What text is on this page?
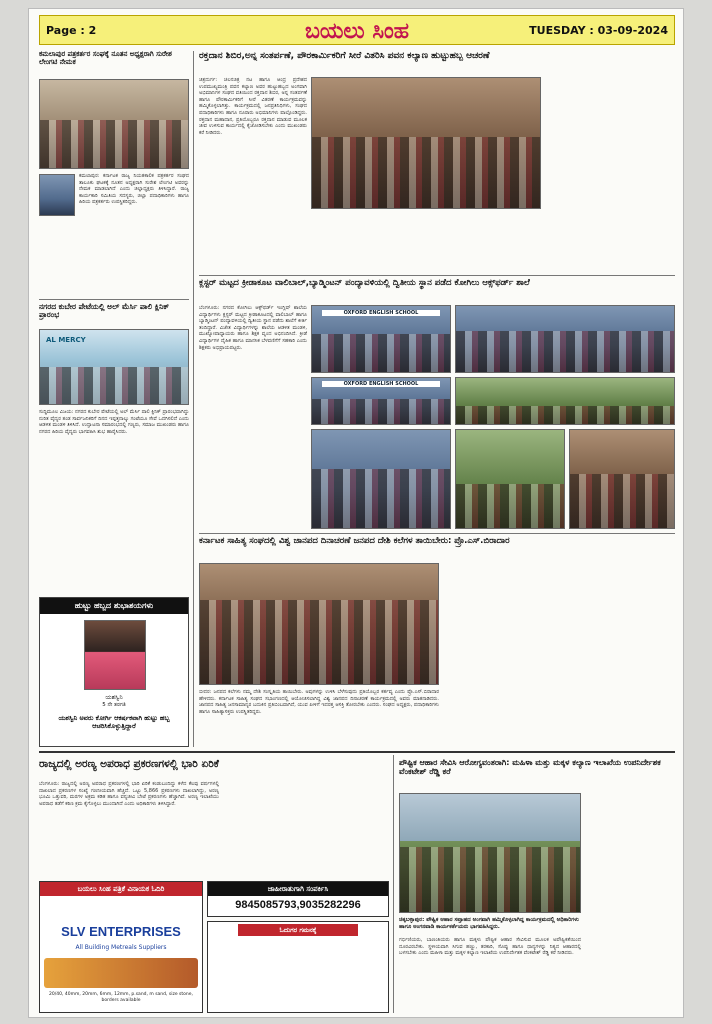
Page : 2	ಬಯಲು ಸಿಂಹ	TUESDAY : 03-09-2024
ಕಮಲಾಪುರ ಪತ್ರಕರ್ತರ ಸಂಘಕ್ಕೆ ನೂತನ ಅಧ್ಯಕ್ಷರಾಗಿ ಸುರೇಶ ಲೇಂಗಟಿ ನೇಮಕ
ಕಮಲಾಪುರ: ಕರ್ನಾಟಕ ರಾಜ್ಯ ನಿಯತಕಾಲಿಕ ಪತ್ರಕರ್ತರ ಸಂಘದ ತಾಲೂಕು ಘಟಕಕ್ಕೆ ನೂತನ ಅಧ್ಯಕ್ಷರಾಗಿ ಸುರೇಶ ಲೇಂಗಟಿ ಅವರನ್ನು ನೇಮಕ ಮಾಡಲಾಗಿದೆ ಎಂದು ಜಿಲ್ಲಾಧ್ಯಕ್ಷರು ತಿಳಿಸಿದ್ದಾರೆ. ರಾಜ್ಯ ಕಾರ್ಯಕಾರಿ ಸಮಿತಿಯ ಸದಸ್ಯರು, ಜಿಲ್ಲಾ ಪದಾಧಿಕಾರಿಗಳು ಹಾಗೂ ಹಿರಿಯ ಪತ್ರಕರ್ತರು ಉಪಸ್ಥಿತರಿದ್ದರು.
ನಗರದ ಕುಬೇರ ಪೇಟೆಯಲ್ಲಿ ಅಲ್ ಮೆರ್ಸಿ ಪಾಲಿ ಕ್ಲಿನಿಕ್ ಪ್ರಾರಂಭ
AL MERCY
ಸುದ್ದಿಮೂಲ ವಿಜಯ: ನಗರದ ಕುಬೇರ ಪೇಟೆಯಲ್ಲಿ ಅಲ್ ಮೆರ್ಸಿ ಪಾಲಿ ಕ್ಲಿನಿಕ್ ಪ್ರಾರಂಭವಾಗಿದ್ದು ನುರಿತ ವೈದ್ಯರ ತಂಡ ಸಾರ್ವಜನಿಕರಿಗೆ ದಿನದ ಇಪ್ಪತ್ತನಾಲ್ಕು ಗಂಟೆಯೂ ಸೇವೆ ಒದಗಿಸಲಿದೆ ಎಂದು ಆಡಳಿತ ಮಂಡಳಿ ತಿಳಿಸಿದೆ. ಉದ್ಘಾಟನಾ ಸಮಾರಂಭದಲ್ಲಿ ಗಣ್ಯರು, ಸಮಾಜ ಮುಖಂಡರು ಹಾಗೂ ನಗರದ ಹಿರಿಯ ವೈದ್ಯರು ಭಾಗವಹಿಸಿ ಶುಭ ಹಾರೈಸಿದರು.
ಹುಟ್ಟು ಹಬ್ಬದ ಶುಭಾಶಯಗಳು
ಯಶಸ್ವಿನಿ
5 ನೇ ತರಗತಿ
ಯಶಸ್ವಿನಿ ಅವರು ಕೋರ್ಗಿ ಆಕರ್ಷಕವಾಗಿ ಹುಟ್ಟು ಹಬ್ಬ ಆಚರಿಸಿಕೊಳ್ಳುತ್ತಿದ್ದಾರೆ
ರಕ್ತದಾನ ಶಿಬಿರ,ಅನ್ನ ಸಂತರ್ಪಣೆ, ಪೌರಕಾರ್ಮಿಕರಿಗೆ ಸೀರೆ ವಿತರಿಸಿ ಪವನ ಕಲ್ಯಾಣ ಹುಟ್ಟುಹಬ್ಬ ಆಚರಣೆ
ಚಿತ್ರದುರ್ಗ: ಚಲನಚಿತ್ರ ನಟ ಹಾಗೂ ಆಂಧ್ರ ಪ್ರದೇಶದ ಉಪಮುಖ್ಯಮಂತ್ರಿ ಪವನ ಕಲ್ಯಾಣ ಅವರ ಹುಟ್ಟುಹಬ್ಬದ ಅಂಗವಾಗಿ ಅಭಿಮಾನಿಗಳ ಸಂಘದ ವತಿಯಿಂದ ರಕ್ತದಾನ ಶಿಬಿರ, ಅನ್ನ ಸಂತರ್ಪಣೆ ಹಾಗೂ ಪೌರಕಾರ್ಮಿಕರಿಗೆ ಸೀರೆ ವಿತರಣೆ ಕಾರ್ಯಕ್ರಮವನ್ನು ಹಮ್ಮಿಕೊಳ್ಳಲಾಗಿತ್ತು. ಕಾರ್ಯಕ್ರಮದಲ್ಲಿ ಜನಪ್ರತಿನಿಧಿಗಳು, ಸಂಘದ ಪದಾಧಿಕಾರಿಗಳು ಹಾಗೂ ನೂರಾರು ಅಭಿಮಾನಿಗಳು ಪಾಲ್ಗೊಂಡಿದ್ದರು. ರಕ್ತದಾನ ಮಹಾದಾನ, ಪ್ರತಿಯೊಬ್ಬರೂ ರಕ್ತದಾನ ಮಾಡುವ ಮೂಲಕ ಜೀವ ಉಳಿಸುವ ಕಾರ್ಯದಲ್ಲಿ ಕೈಜೋಡಿಸಬೇಕು ಎಂದು ಮುಖಂಡರು ಕರೆ ನೀಡಿದರು.
ಕ್ಲಸ್ಟರ್ ಮಟ್ಟದ ಕ್ರೀಡಾಕೂಟ ವಾಲಿಬಾಲ್,ಬ್ಯಾಡ್ಮಿಂಟನ್ ಪಂದ್ಯಾವಳಿಯಲ್ಲಿ ದ್ವಿತೀಯ ಸ್ಥಾನ ಪಡೆದ ಕೋಗಿಲು ಆಕ್ಸ್‌ಫರ್ಡ್ ಶಾಲೆ
ಬೆಂಗಳೂರು: ನಗರದ ಕೋಗಿಲು ಆಕ್ಸ್‌ಫರ್ಡ್ ಇಂಗ್ಲಿಷ್ ಶಾಲೆಯ ವಿದ್ಯಾರ್ಥಿಗಳು ಕ್ಲಸ್ಟರ್ ಮಟ್ಟದ ಕ್ರೀಡಾಕೂಟದಲ್ಲಿ ವಾಲಿಬಾಲ್ ಹಾಗೂ ಬ್ಯಾಡ್ಮಿಂಟನ್ ಪಂದ್ಯಾವಳಿಯಲ್ಲಿ ದ್ವಿತೀಯ ಸ್ಥಾನ ಪಡೆದು ಶಾಲೆಗೆ ಕೀರ್ತಿ ತಂದಿದ್ದಾರೆ. ವಿಜೇತ ವಿದ್ಯಾರ್ಥಿಗಳನ್ನು ಶಾಲೆಯ ಆಡಳಿತ ಮಂಡಳಿ, ಮುಖ್ಯೋಪಾಧ್ಯಾಯರು ಹಾಗೂ ಶಿಕ್ಷಕ ವೃಂದ ಅಭಿನಂದಿಸಿದೆ. ಕ್ರೀಡೆ ವಿದ್ಯಾರ್ಥಿಗಳ ದೈಹಿಕ ಹಾಗೂ ಮಾನಸಿಕ ಬೆಳವಣಿಗೆಗೆ ಸಹಕಾರಿ ಎಂದು ಶಿಕ್ಷಕರು ಅಭಿಪ್ರಾಯಪಟ್ಟರು.
OXFORD ENGLISH SCHOOL
OXFORD ENGLISH SCHOOL
ಕರ್ನಾಟಕ ಸಾಹಿತ್ಯ ಸಂಘದಲ್ಲಿ ವಿಶ್ವ ಜಾನಪದ ದಿನಾಚರಣೆ ಜನಪದ ದೇಶಿ ಕಲೆಗಳ ತಾಯಿಬೇರು: ಪ್ರೊ.ಎಸ್.ಬಿರಾದಾರ
ಬೀದರ: ಜನಪದ ಕಲೆಗಳು ನಮ್ಮ ದೇಶಿ ಸಂಸ್ಕೃತಿಯ ತಾಯಿಬೇರು. ಅವುಗಳನ್ನು ಉಳಿಸಿ ಬೆಳೆಸುವುದು ಪ್ರತಿಯೊಬ್ಬರ ಕರ್ತವ್ಯ ಎಂದು ಪ್ರೊ.ಎಸ್.ಬಿರಾದಾರ ಹೇಳಿದರು. ಕರ್ನಾಟಕ ಸಾಹಿತ್ಯ ಸಂಘದ ಸಭಾಂಗಣದಲ್ಲಿ ಆಯೋಜಿಸಲಾಗಿದ್ದ ವಿಶ್ವ ಜಾನಪದ ದಿನಾಚರಣೆ ಕಾರ್ಯಕ್ರಮದಲ್ಲಿ ಅವರು ಮಾತನಾಡಿದರು. ಜಾನಪದ ಸಾಹಿತ್ಯ ಜನಸಾಮಾನ್ಯರ ಬದುಕಿನ ಪ್ರತಿಬಿಂಬವಾಗಿದೆ, ಯುವ ಪೀಳಿಗೆ ಇದರತ್ತ ಆಸಕ್ತಿ ತೋರಬೇಕು ಎಂದರು. ಸಂಘದ ಅಧ್ಯಕ್ಷರು, ಪದಾಧಿಕಾರಿಗಳು ಹಾಗೂ ಸಾಹಿತ್ಯಾಸಕ್ತರು ಉಪಸ್ಥಿತರಿದ್ದರು.
ರಾಜ್ಯದಲ್ಲಿ ಅರಣ್ಯ ಅಪರಾಧ ಪ್ರಕರಣಗಳಲ್ಲಿ ಭಾರಿ ಏರಿಕೆ
ಬೆಂಗಳೂರು: ರಾಜ್ಯದಲ್ಲಿ ಅರಣ್ಯ ಅಪರಾಧ ಪ್ರಕರಣಗಳಲ್ಲಿ ಭಾರಿ ಏರಿಕೆ ಕಂಡುಬಂದಿದ್ದು ಕಳೆದ ಕೆಲವು ವರ್ಷಗಳಲ್ಲಿ ದಾಖಲಾದ ಪ್ರಕರಣಗಳ ಸಂಖ್ಯೆ ಗಣನೀಯವಾಗಿ ಹೆಚ್ಚಿದೆ. ಒಟ್ಟು 5,866 ಪ್ರಕರಣಗಳು ದಾಖಲಾಗಿದ್ದು, ಅರಣ್ಯ ಭೂಮಿ ಒತ್ತುವರಿ, ಮರಗಳ ಅಕ್ರಮ ಕಡಿತ ಹಾಗೂ ವನ್ಯಜೀವಿ ಬೇಟೆ ಪ್ರಕರಣಗಳು ಹೆಚ್ಚಾಗಿವೆ. ಅರಣ್ಯ ಇಲಾಖೆಯು ಅಪರಾಧ ತಡೆಗೆ ಕಠಿಣ ಕ್ರಮ ಕೈಗೊಳ್ಳಲು ಮುಂದಾಗಿದೆ ಎಂದು ಅಧಿಕಾರಿಗಳು ತಿಳಿಸಿದ್ದಾರೆ.
ಬಯಲು ಸಿಂಹ ಪತ್ರಿಕೆ ವಿನಾಯಕ ಓದಿರಿ
SLV ENTERPRISES
All Building Metreals Suppliers
20/40, 40mm, 20mm, 6mm, 12mm, p.sand, m sand, size stone, borders available
ಜಾಹೀರಾತುಗಾಗಿ ಸಂಪರ್ಕಿಸಿ
9845085793,9035282296
ಓದುಗರ ಗಮನಕ್ಕೆ
ಪೌಷ್ಟಿಕ ಆಹಾರ ಸೇವಿಸಿ ಆರೋಗ್ಯವಂತರಾಗಿ: ಮಹಿಳಾ ಮತ್ತು ಮಕ್ಕಳ ಕಲ್ಯಾಣ ಇಲಾಖೆಯ ಉಪನಿರ್ದೇಶಕ ವೆಂಕಟೇಶ್ ರೆಡ್ಡಿ ಕರೆ
ಚಿಕ್ಕಬಳ್ಳಾಪುರ: ಪೌಷ್ಟಿಕ ಆಹಾರ ಸಪ್ತಾಹದ ಅಂಗವಾಗಿ ಹಮ್ಮಿಕೊಳ್ಳಲಾಗಿದ್ದ ಕಾರ್ಯಕ್ರಮದಲ್ಲಿ ಅಧಿಕಾರಿಗಳು ಹಾಗೂ ಅಂಗನವಾಡಿ ಕಾರ್ಯಕರ್ತೆಯರು ಭಾಗವಹಿಸಿದ್ದರು.
ಗರ್ಭಿಣಿಯರು, ಬಾಣಂತಿಯರು ಹಾಗೂ ಮಕ್ಕಳು ಪೌಷ್ಟಿಕ ಆಹಾರ ಸೇವಿಸುವ ಮೂಲಕ ಅಪೌಷ್ಟಿಕತೆಯಿಂದ ದೂರವಿರಬೇಕು. ಸ್ಥಳೀಯವಾಗಿ ಸಿಗುವ ಹಣ್ಣು, ತರಕಾರಿ, ಸೊಪ್ಪು ಹಾಗೂ ಧಾನ್ಯಗಳನ್ನು ನಿತ್ಯದ ಆಹಾರದಲ್ಲಿ ಬಳಸಬೇಕು ಎಂದು ಮಹಿಳಾ ಮತ್ತು ಮಕ್ಕಳ ಕಲ್ಯಾಣ ಇಲಾಖೆಯ ಉಪನಿರ್ದೇಶಕ ವೆಂಕಟೇಶ್ ರೆಡ್ಡಿ ಕರೆ ನೀಡಿದರು.
